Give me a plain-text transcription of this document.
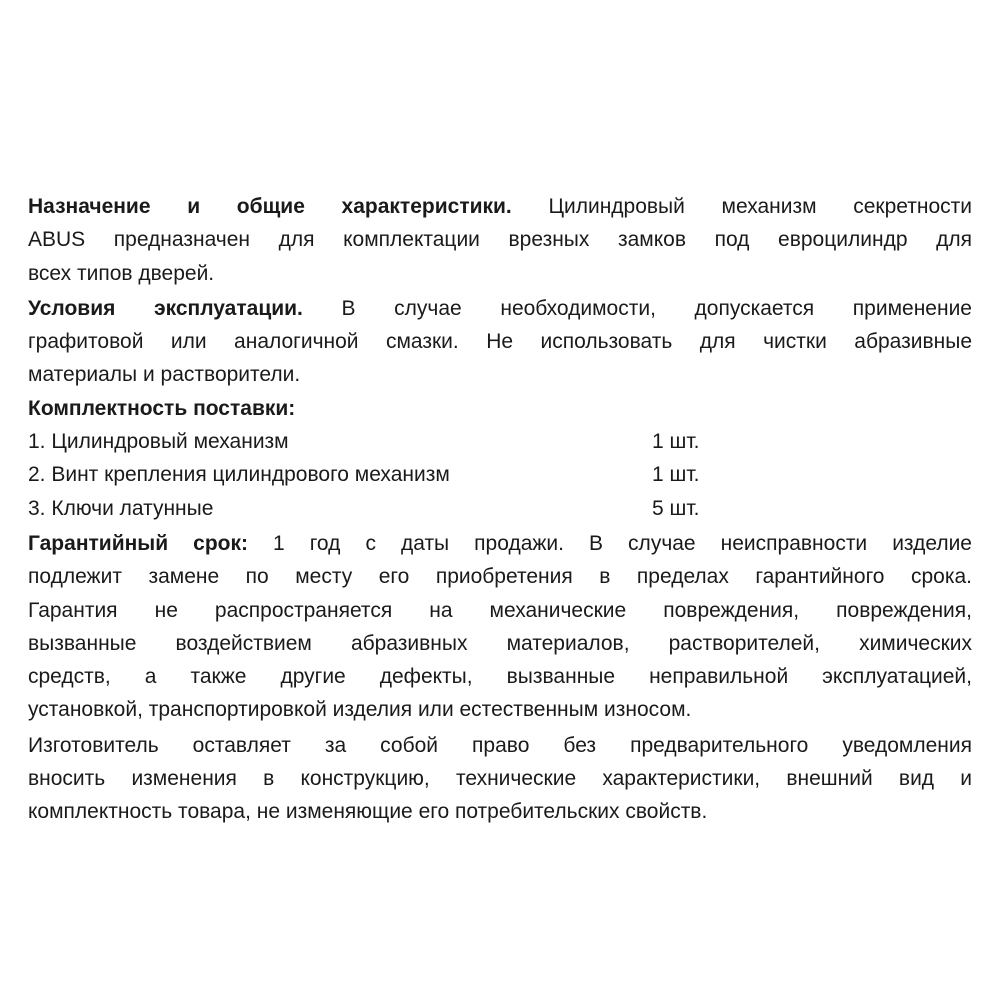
Назначение и общие характеристики. Цилиндровый механизм секретности
ABUS предназначен для комплектации врезных замков под евроцилиндр для
всех типов дверей.
Условия эксплуатации. В случае необходимости, допускается применение
графитовой или аналогичной смазки. Не использовать для чистки абразивные
материалы и растворители.
Комплектность поставки:
1. Цилиндровый механизм	1 шт.
2. Винт крепления цилиндрового механизм	1 шт.
3. Ключи латунные	5 шт.
Гарантийный срок: 1 год с даты продажи. В случае неисправности изделие
подлежит замене по месту его приобретения в пределах гарантийного срока.
Гарантия не распространяется на механические повреждения, повреждения,
вызванные воздействием абразивных материалов, растворителей, химических
средств, а также другие дефекты, вызванные неправильной эксплуатацией,
установкой, транспортировкой изделия или естественным износом.
Изготовитель оставляет за собой право без предварительного уведомления
вносить изменения в конструкцию, технические характеристики, внешний вид и
комплектность товара, не изменяющие его потребительских свойств.
